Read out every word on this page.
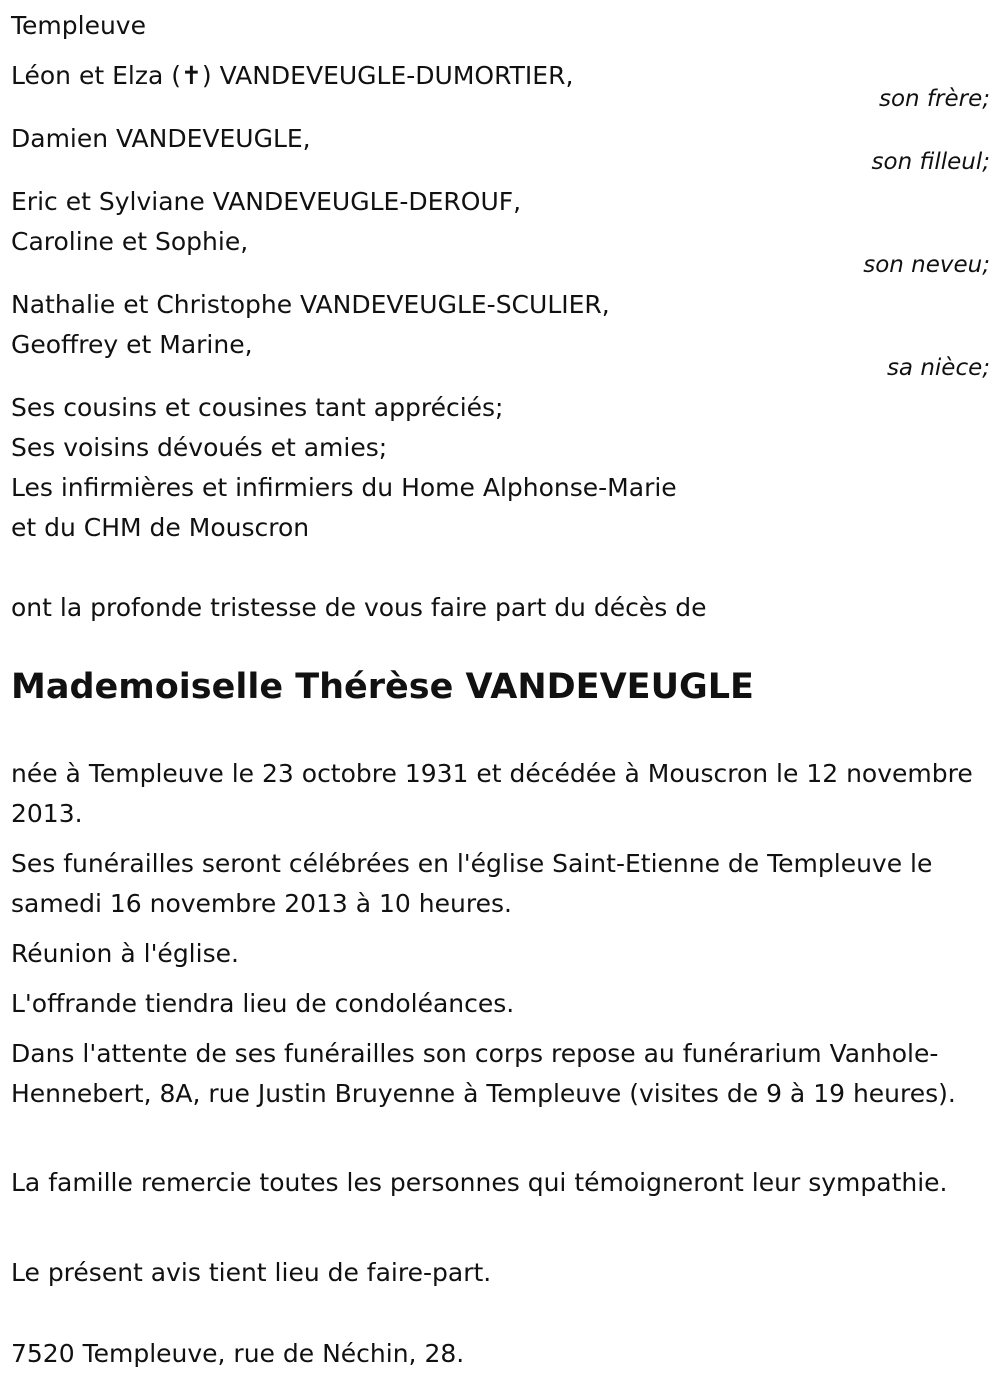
Templeuve
Léon et Elza (✝) VANDEVEUGLE-DUMORTIER,
son frère;
Damien VANDEVEUGLE,
son filleul;
Eric et Sylviane VANDEVEUGLE-DEROUF,
Caroline et Sophie,
son neveu;
Nathalie et Christophe VANDEVEUGLE-SCULIER,
Geoffrey et Marine,
sa nièce;
Ses cousins et cousines tant appréciés;
Ses voisins dévoués et amies;
Les infirmières et infirmiers du Home Alphonse-Marie
et du CHM de Mouscron
ont la profonde tristesse de vous faire part du décès de
Mademoiselle Thérèse VANDEVEUGLE
née à Templeuve le 23 octobre 1931 et décédée à Mouscron le 12 novembre 2013.
Ses funérailles seront célébrées en l'église Saint-Etienne de Templeuve le samedi 16 novembre 2013 à 10 heures.
Réunion à l'église.
L'offrande tiendra lieu de condoléances.
Dans l'attente de ses funérailles son corps repose au funérarium Vanhole-Hennebert, 8A, rue Justin Bruyenne à Templeuve (visites de 9 à 19 heures).
La famille remercie toutes les personnes qui témoigneront leur sympathie.
Le présent avis tient lieu de faire-part.
7520 Templeuve, rue de Néchin, 28.
